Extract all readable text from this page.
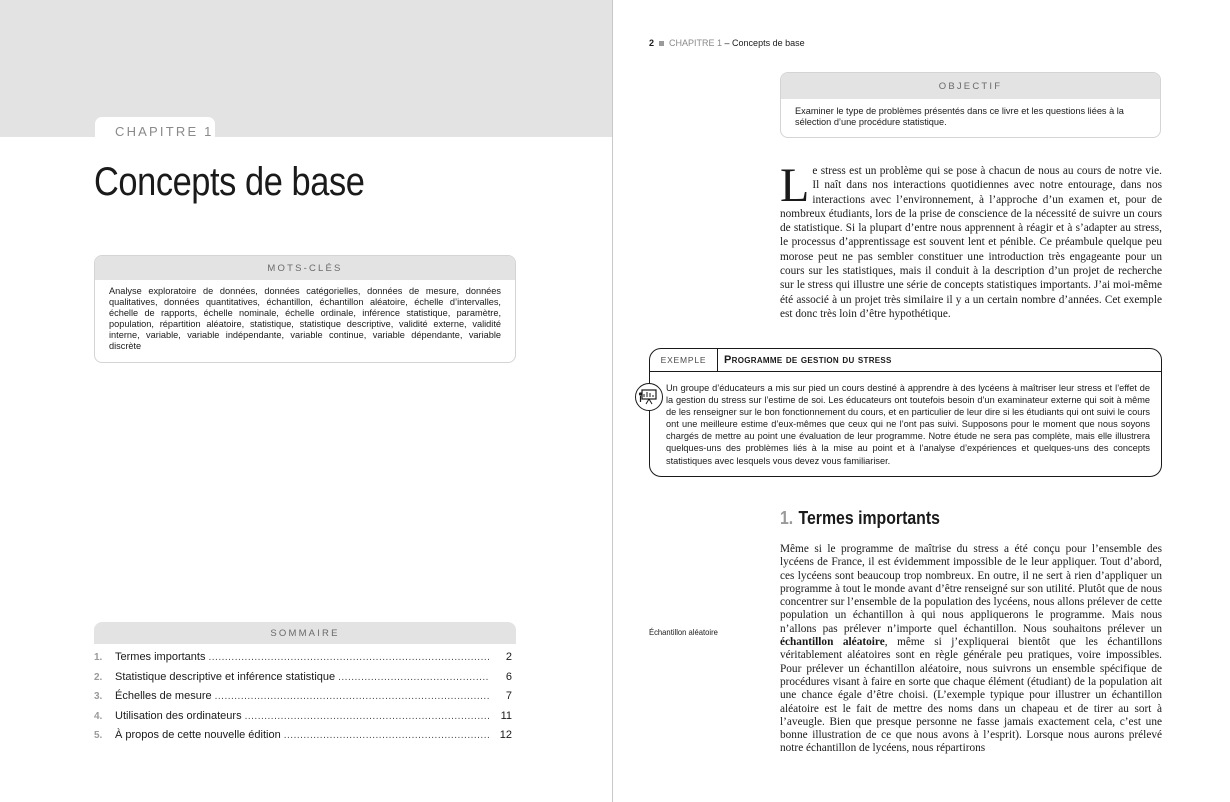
CHAPITRE 1
Concepts de base
MOTS-CLÉS

Analyse exploratoire de données, données catégorielles, données de mesure, données qualitatives, données quantitatives, échantillon, échantillon aléatoire, échelle d’intervalles, échelle de rapports, échelle nominale, échelle ordinale, inférence statistique, paramètre, population, répartition aléatoire, statistique, statistique descriptive, validité externe, validité interne, variable, variable indépendante, variable continue, variable dépendante, variable discrète

SOMMAIRE
1.	Termes importants .....	2
2.	Statistique descriptive et inférence statistique .....	6
3.	Échelles de mesure .....	7
4.	Utilisation des ordinateurs .....	11
5.	À propos de cette nouvelle édition .....	12
2 CHAPITRE 1 – Concepts de base
OBJECTIF

Examiner le type de problèmes présentés dans ce livre et les questions liées à la sélection d’une procédure statistique.

Le stress est un problème qui se pose à chacun de nous au cours de notre vie. Il naît dans nos interactions quotidiennes avec notre entourage, dans nos interactions avec l’environnement, à l’approche d’un examen et, pour de nombreux étudiants, lors de la prise de conscience de la nécessité de suivre un cours de statistique. Si la plupart d’entre nous apprennent à réagir et à s’adapter au stress, le processus d’apprentissage est souvent lent et pénible. Ce préambule quelque peu morose peut ne pas sembler constituer une introduction très engageante pour un cours sur les statistiques, mais il conduit à la description d’un projet de recherche sur le stress qui illustre une série de concepts statistiques importants. J’ai moi-même été associé à un projet très similaire il y a un certain nombre d’années. Cet exemple est donc très loin d’être hypothétique.
EXEMPLE	Programme de gestion du stress

Un groupe d’éducateurs a mis sur pied un cours destiné à apprendre à des lycéens à maîtriser leur stress et l’effet de la gestion du stress sur l’estime de soi. Les éducateurs ont toutefois besoin d’un examinateur externe qui soit à même de les renseigner sur le bon fonctionnement du cours, et en particulier de leur dire si les étudiants qui ont suivi le cours ont une meilleure estime d’eux-mêmes que ceux qui ne l’ont pas suivi. Supposons pour le moment que nous soyons chargés de mettre au point une évaluation de leur programme. Notre étude ne sera pas complète, mais elle illustrera quelques-uns des problèmes liés à la mise au point et à l’analyse d’expériences et quelques-uns des concepts statistiques avec lesquels vous devez vous familiariser.

1. Termes importants
Échantillon aléatoire

Même si le programme de maîtrise du stress a été conçu pour l’ensemble des lycéens de France, il est évidemment impossible de le leur appliquer. Tout d’abord, ces lycéens sont beaucoup trop nombreux. En outre, il ne sert à rien d’appliquer un programme à tout le monde avant d’être renseigné sur son utilité. Plutôt que de nous concentrer sur l’ensemble de la population des lycéens, nous allons prélever de cette population un échantillon à qui nous appliquerons le programme. Mais nous n’allons pas prélever n’importe quel échantillon. Nous souhaitons prélever un échantillon aléatoire, même si j’expliquerai bientôt que les échantillons véritablement aléatoires sont en règle générale peu pratiques, voire impossibles. Pour prélever un échantillon aléatoire, nous suivrons un ensemble spécifique de procédures visant à faire en sorte que chaque élément (étudiant) de la population ait une chance égale d’être choisi. (L’exemple typique pour illustrer un échantillon aléatoire est le fait de mettre des noms dans un chapeau et de tirer au sort à l’aveugle. Bien que presque personne ne fasse jamais exactement cela, c’est une bonne illustration de ce que nous avons à l’esprit). Lorsque nous aurons prélevé notre échantillon de lycéens, nous répartirons
